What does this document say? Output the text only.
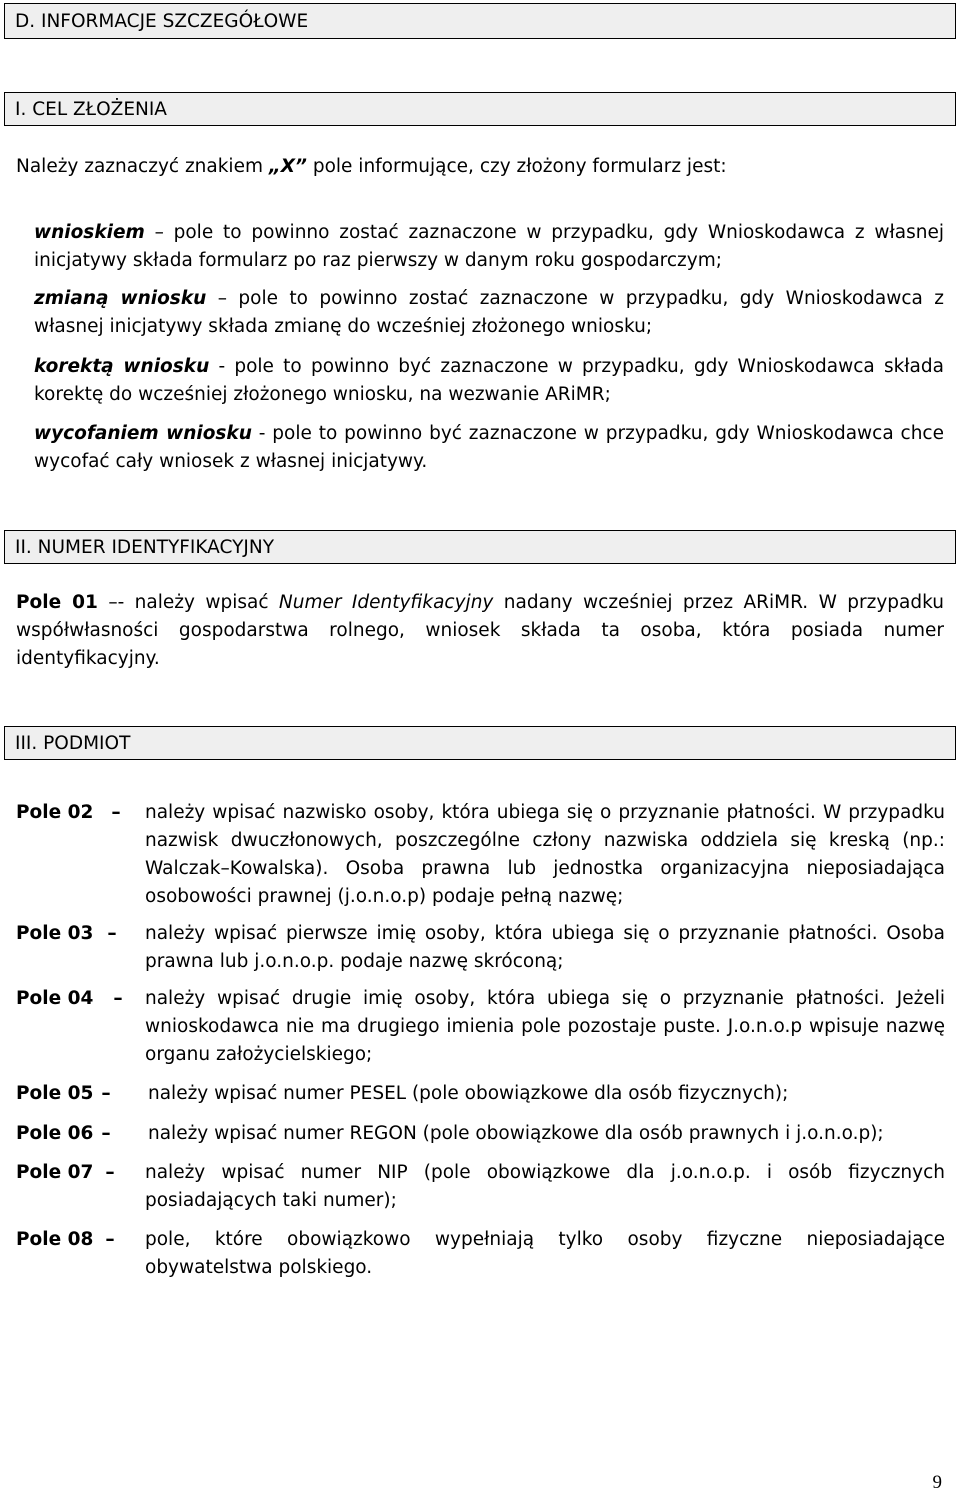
D. INFORMACJE SZCZEGÓŁOWE
I. CEL ZŁOŻENIA
Należy zaznaczyć znakiem „X” pole informujące, czy złożony formularz jest:
wnioskiem – pole to powinno zostać zaznaczone w przypadku, gdy Wnioskodawca z własnej inicjatywy składa formularz po raz pierwszy w danym roku gospodarczym;
zmianą wniosku – pole to powinno zostać zaznaczone w przypadku, gdy Wnioskodawca z własnej inicjatywy składa zmianę do wcześniej złożonego wniosku;
korektą wniosku - pole to powinno być zaznaczone w przypadku, gdy Wnioskodawca składa korektę do wcześniej złożonego wniosku, na wezwanie ARiMR;
wycofaniem wniosku - pole to powinno być zaznaczone w przypadku, gdy Wnioskodawca chce wycofać cały wniosek z własnej inicjatywy.
II. NUMER IDENTYFIKACYJNY
Pole 01 –- należy wpisać Numer Identyfikacyjny nadany wcześniej przez ARiMR. W przypadku współwłasności gospodarstwa rolnego, wniosek składa ta osoba, która posiada numer identyfikacyjny.
III. PODMIOT
Pole 02 – należy wpisać nazwisko osoby, która ubiega się o przyznanie płatności. W przypadku nazwisk dwuczłonowych, poszczególne człony nazwiska oddziela się kreską (np.: Walczak–Kowalska). Osoba prawna lub jednostka organizacyjna nieposiadająca osobowości prawnej (j.o.n.o.p) podaje pełną nazwę;
Pole 03 – należy wpisać pierwsze imię osoby, która ubiega się o przyznanie płatności. Osoba prawna lub j.o.n.o.p. podaje nazwę skróconą;
Pole 04 – należy wpisać drugie imię osoby, która ubiega się o przyznanie płatności. Jeżeli wnioskodawca nie ma drugiego imienia pole pozostaje puste. J.o.n.o.p wpisuje nazwę organu założycielskiego;
Pole 05 – należy wpisać numer PESEL (pole obowiązkowe dla osób fizycznych);
Pole 06 – należy wpisać numer REGON (pole obowiązkowe dla osób prawnych i j.o.n.o.p);
Pole 07 – należy wpisać numer NIP (pole obowiązkowe dla j.o.n.o.p. i osób fizycznych posiadających taki numer);
Pole 08 – pole, które obowiązkowo wypełniają tylko osoby fizyczne nieposiadające obywatelstwa polskiego.
9
